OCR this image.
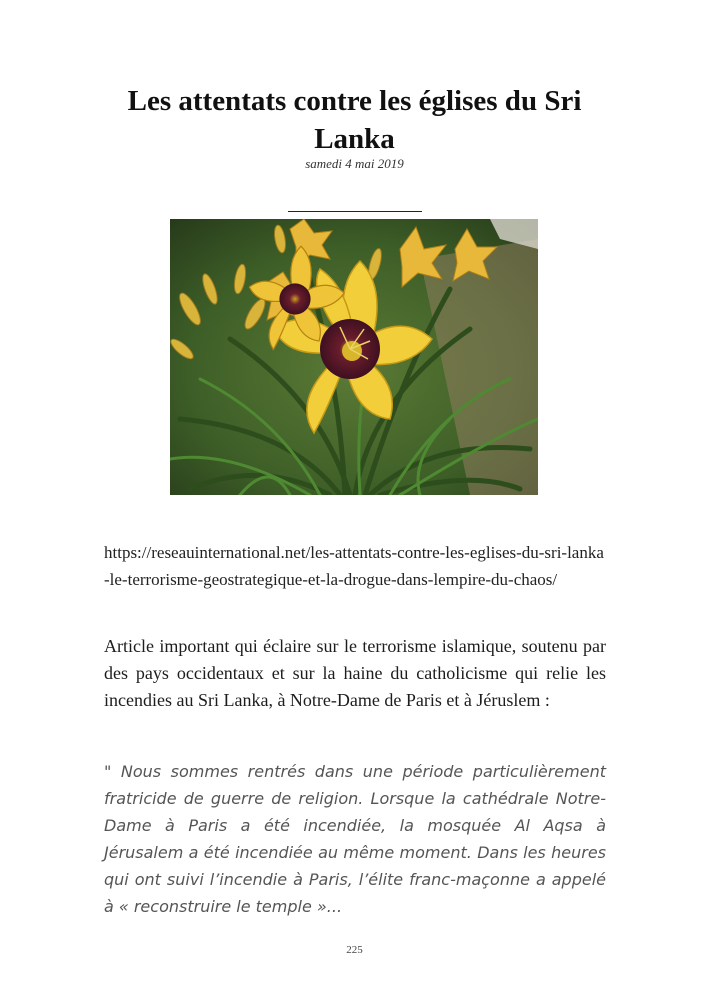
Les attentats contre les églises du Sri Lanka
samedi 4 mai 2019
https://reseauinternational.net/les-attentats-contre-les-eglises-du-sri-lanka-le-terrorisme-geostrategique-et-la-drogue-dans-lempire-du-chaos/

Article important qui éclaire sur le terrorisme islamique, soutenu par des pays occidentaux et sur la haine du catholicisme qui relie les incendies au Sri Lanka, à Notre-Dame de Paris et à Jéruslem :

" Nous sommes rentrés dans une période particulièrement fratricide de guerre de religion. Lorsque la cathédrale Notre-Dame à Paris a été incendiée, la mosquée Al Aqsa à Jérusalem a été incendiée au même moment. Dans les heures qui ont suivi l’incendie à Paris, l’élite franc-maçonne a appelé à « reconstruire le temple »...

225
